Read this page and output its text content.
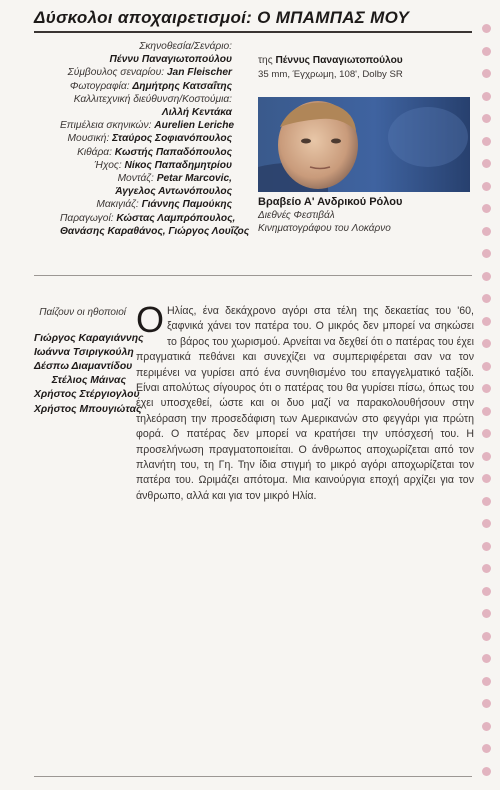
Δύσκολοι αποχαιρετισμοί: Ο ΜΠΑΜΠΑΣ ΜΟΥ
Σκηνοθεσία/Σενάριο:
Πέννυ Παναγιωτοπούλου
Σύμβουλος σεναρίου: Jan Fleischer
Φωτογραφία: Δημήτρης Κατσαΐτης
Καλλιτεχνική διεύθυνση/Κοστούμια:
Λιλλή Κεντάκα
Επιμέλεια σκηνικών: Aurelien Leriche
Μουσική: Σταύρος Σοφιανόπουλος
Κιθάρα: Κωστής Παπαδόπουλος
Ήχος: Νίκος Παπαδημητρίου
Μοντάζ: Petar Marcovic,
Άγγελος Αντωνόπουλος
Μακιγιάζ: Γιάννης Παμούκης
Παραγωγοί: Κώστας Λαμπρόπουλος,
Θανάσης Καραθάνος, Γιώργος Λουΐζος
της Πέννυς Παναγιωτοπούλου
35 mm, Έγχρωμη, 108', Dolby SR
Βραβείο Α' Ανδρικού Ρόλου
Διεθνές Φεστιβάλ
Κινηματογράφου του Λοκάρνο
Παίζουν οι ηθοποιοί
Γιώργος Καραγιάννης
Ιωάννα Τσιριγκούλη
Δέσπω Διαμαντίδου
Στέλιος Μάινας
Χρήστος Στέργιογλου
Χρήστος Μπουγιώτας
Ο Ηλίας, ένα δεκάχρονο αγόρι στα τέλη της δεκαετίας του '60, ξαφνικά χάνει τον πατέρα του. Ο μικρός δεν μπορεί να σηκώσει το βάρος του χωρισμού. Αρνείται να δεχθεί ότι ο πατέρας του έχει πραγματικά πεθάνει και συνεχίζει να συμπεριφέρεται σαν να τον περιμένει να γυρίσει από ένα συνηθισμένο του επαγγελματικό ταξίδι. Είναι απολύτως σίγουρος ότι ο πατέρας του θα γυρίσει πίσω, όπως του έχει υποσχεθεί, ώστε και οι δυο μαζί να παρακολουθήσουν στην τηλεόραση την προσεδάφιση των Αμερικανών στο φεγγάρι για πρώτη φορά. Ο πατέρας δεν μπορεί να κρατήσει την υπόσχεσή του. Η προσελήνωση πραγματοποιείται. Ο άνθρωπος αποχωρίζεται από τον πλανήτη του, τη Γη. Την ίδια στιγμή το μικρό αγόρι αποχωρίζεται τον πατέρα του. Ωριμάζει απότομα. Μια καινούργια εποχή αρχίζει για τον άνθρωπο, αλλά και για τον μικρό Ηλία.
